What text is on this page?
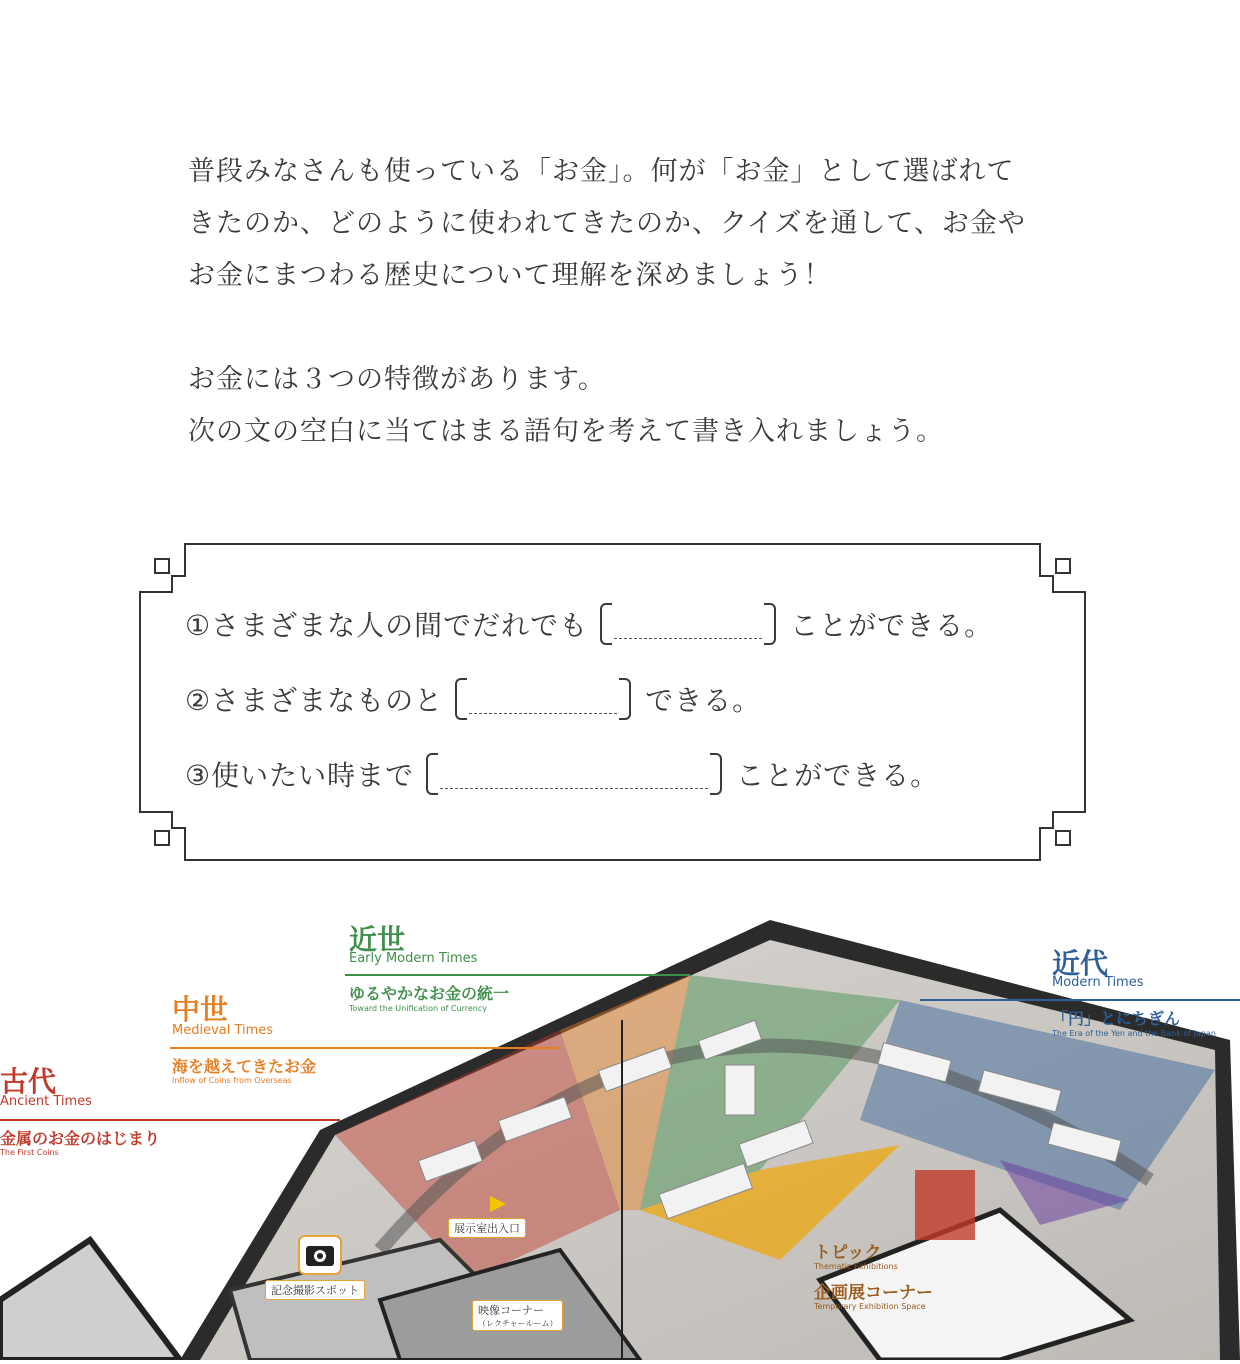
普段みなさんも使っている「お金」。何が「お金」として選ばれて

きたのか、どのように使われてきたのか、クイズを通して、お金や

お金にまつわる歴史について理解を深めましょう！

お金には３つの特徴があります。

次の文の空白に当てはまる語句を考えて書き入れましょう。

①さまざまな人の間でだれでも	ことができる。
②さまざまなものと	できる。
③使いたい時まで	ことができる。
古代
Ancient Times
金属のお金のはじまり
The First Coins
中世
Medieval Times
海を越えてきたお金
Inflow of Coins from Overseas
近世
Early Modern Times
ゆるやかなお金の統一
Toward the Unification of Currency
近代
Modern Times
「円」とにちぎん
The Era of the Yen and the Bank of Japan
展示室出入口
記念撮影スポット
映像コーナー
（レクチャールーム）
トピック
Thematic Exhibitions
企画展コーナー
Temporary Exhibition Space
